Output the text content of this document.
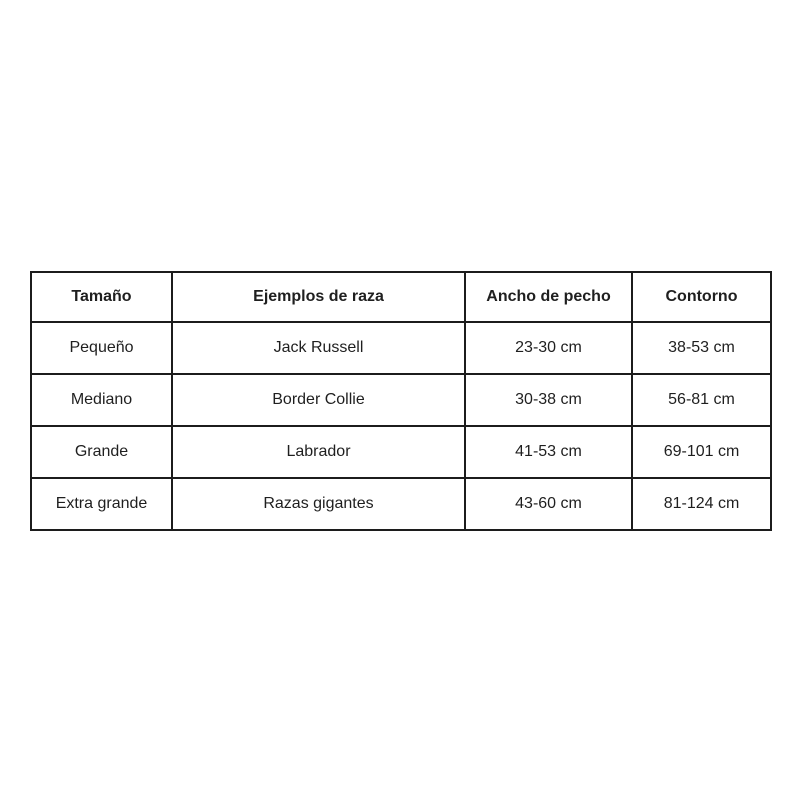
Tamaño	Ejemplos de raza	Ancho de pecho	Contorno
Pequeño	Jack Russell	23-30 cm	38-53 cm
Mediano	Border Collie	30-38 cm	56-81 cm
Grande	Labrador	41-53 cm	69-101 cm
Extra grande	Razas gigantes	43-60 cm	81-124 cm
